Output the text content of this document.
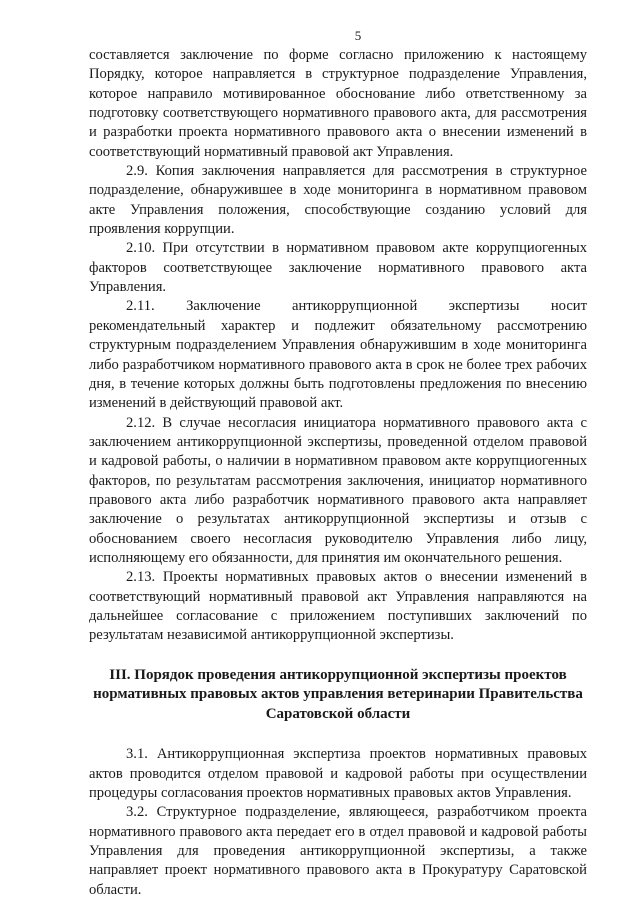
5

составляется заключение по форме согласно приложению к настоящему Порядку, которое направляется в структурное подразделение Управления, которое направило мотивированное обоснование либо ответственному за подготовку соответствующего нормативного правового акта, для рассмотрения и разработки проекта нормативного правового акта о внесении изменений в соответствующий нормативный правовой акт Управления.

2.9. Копия заключения направляется для рассмотрения в структурное подразделение, обнаружившее в ходе мониторинга в нормативном правовом акте Управления положения, способствующие созданию условий для проявления коррупции.

2.10. При отсутствии в нормативном правовом акте коррупциогенных факторов соответствующее заключение нормативного правового акта Управления.

2.11. Заключение антикоррупционной экспертизы носит рекомендательный характер и подлежит обязательному рассмотрению структурным подразделением Управления обнаружившим в ходе мониторинга либо разработчиком нормативного правового акта в срок не более трех рабочих дня, в течение которых должны быть подготовлены предложения по внесению изменений в действующий правовой акт.

2.12. В случае несогласия инициатора нормативного правового акта с заключением антикоррупционной экспертизы, проведенной отделом правовой и кадровой работы, о наличии в нормативном правовом акте коррупциогенных факторов, по результатам рассмотрения заключения, инициатор нормативного правового акта либо разработчик нормативного правового акта направляет заключение о результатах антикоррупционной экспертизы и отзыв с обоснованием своего несогласия руководителю Управления либо лицу, исполняющему его обязанности, для принятия им окончательного решения.

2.13. Проекты нормативных правовых актов о внесении изменений в соответствующий нормативный правовой акт Управления направляются на дальнейшее согласование с приложением поступивших заключений по результатам независимой антикоррупционной экспертизы.

III. Порядок проведения антикоррупционной экспертизы проектов

нормативных правовых актов управления ветеринарии Правительства

Саратовской области

3.1. Антикоррупционная экспертиза проектов нормативных правовых актов проводится отделом правовой и кадровой работы при осуществлении процедуры согласования проектов нормативных правовых актов Управления.

3.2. Структурное подразделение, являющееся, разработчиком проекта нормативного правового акта передает его в отдел правовой и кадровой работы Управления для проведения антикоррупционной экспертизы, а также направляет проект нормативного правового акта в Прокуратуру Саратовской области.
